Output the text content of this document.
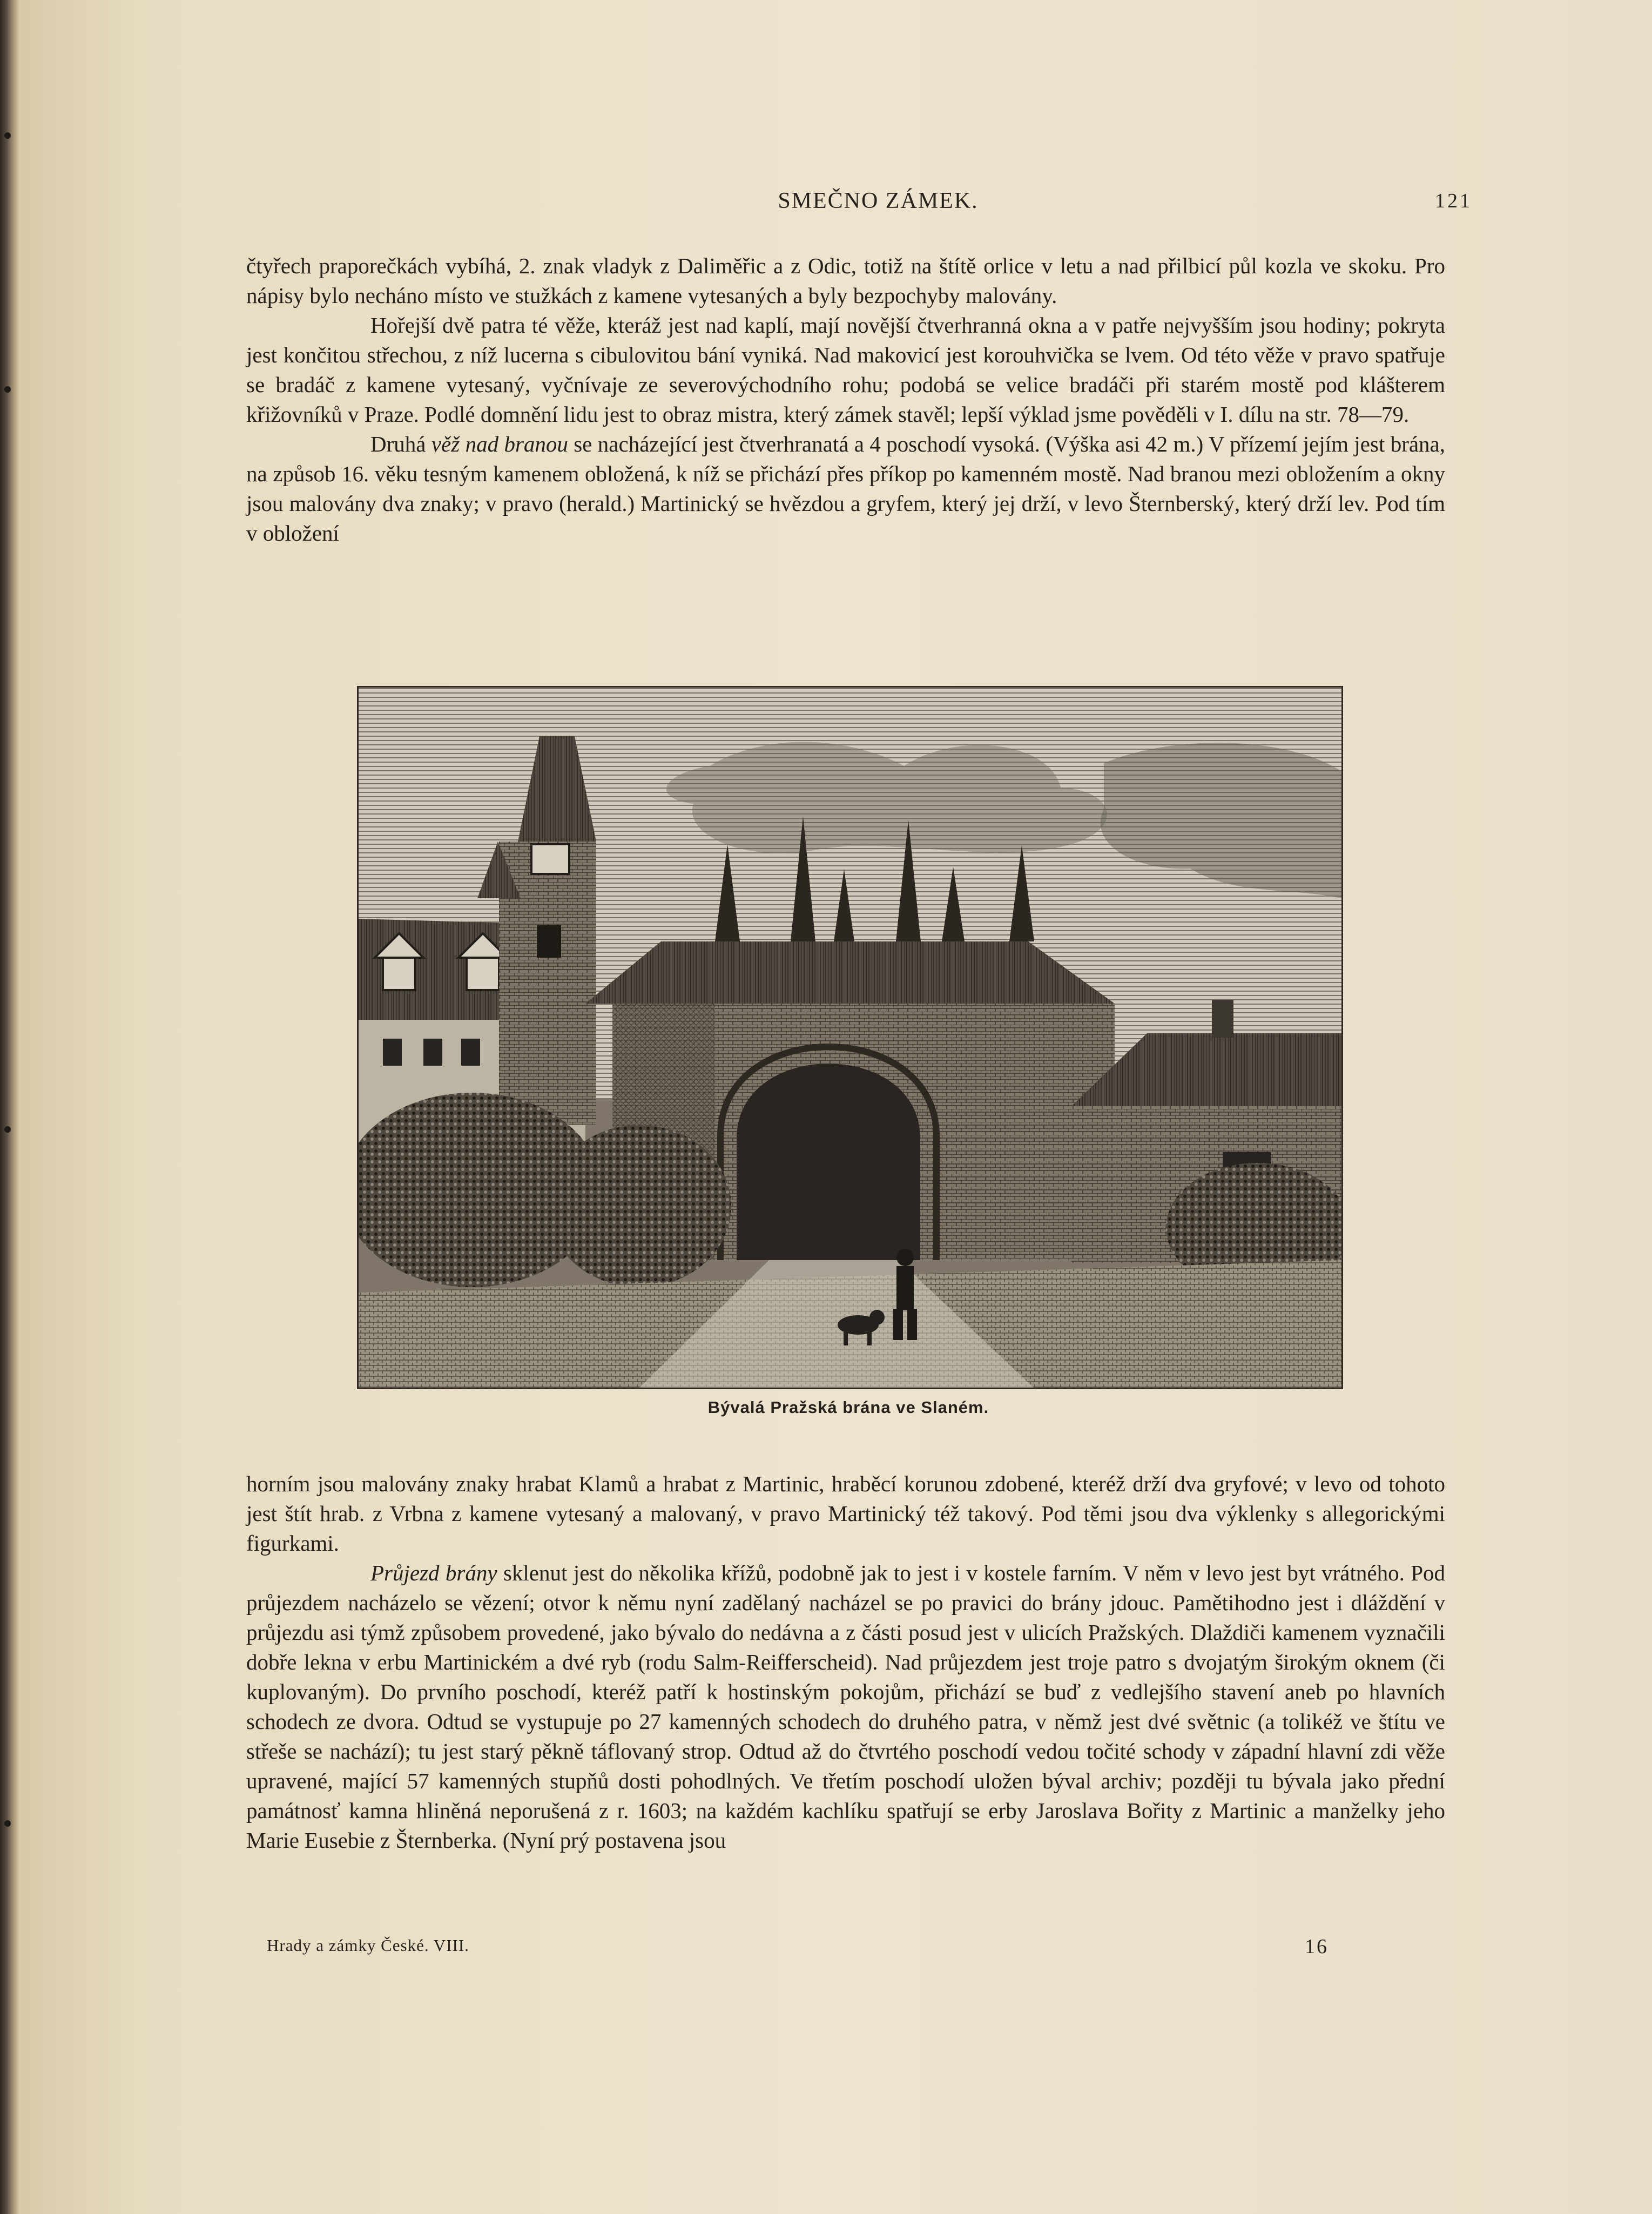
SMEČNO ZÁMEK.	121

čtyřech praporečkách vybíhá, 2. znak vladyk z Dalimĕřic a z Odic, totiž na štítě orlice v letu a nad přilbicí půl kozla ve skoku. Pro nápisy bylo necháno místo ve stužkách z kamene vytesaných a byly bezpochyby malovány.

Hořejší dvě patra té věže, kteráž jest nad kaplí, mají novější čtverhranná okna a v patře nejvyšším jsou hodiny; pokryta jest končitou střechou, z níž lucerna s cibulovitou bání vyniká. Nad makovicí jest korouhvička se lvem. Od této věže v pravo spatřuje se bradáč z kamene vytesaný, vyčnívaje ze severovýchodního rohu; podobá se velice bradáči při starém mostě pod klášterem křižovníků v Praze. Podlé domnění lidu jest to obraz mistra, který zámek stavěl; lepší výklad jsme pověděli v I. dílu na str. 78—79.

Druhá věž nad branou se nacházející jest čtverhranatá a 4 poschodí vysoká. (Výška asi 42 m.) V přízemí jejím jest brána, na způsob 16. věku tesným kamenem obložená, k níž se přichází přes příkop po kamenném mostě. Nad branou mezi obložením a okny jsou malovány dva znaky; v pravo (herald.) Martinický se hvězdou a gryfem, který jej drží, v levo Šternberský, který drží lev. Pod tím v obložení

Bývalá Pražská brána ve Slaném.

horním jsou malovány znaky hrabat Klamů a hrabat z Martinic, hraběcí korunou zdobené, kteréž drží dva gryfové; v levo od tohoto jest štít hrab. z Vrbna z kamene vytesaný a malovaný, v pravo Martinický též takový. Pod těmi jsou dva výklenky s allegorickými figurkami.

Průjezd brány sklenut jest do několika křížů, podobně jak to jest i v kostele farním. V něm v levo jest byt vrátného. Pod průjezdem nacházelo se vězení; otvor k němu nyní zadělaný nacházel se po pravici do brány jdouc. Pamětihodno jest i dláždění v průjezdu asi týmž způsobem provedené, jako bývalo do nedávna a z části posud jest v ulicích Pražských. Dlaždiči kamenem vyznačili dobře lekna v erbu Martinickém a dvé ryb (rodu Salm-Reifferscheid). Nad průjezdem jest troje patro s dvojatým širokým oknem (či kuplovaným). Do prvního poschodí, kteréž patří k hostinským pokojům, přichází se buď z vedlejšího stavení aneb po hlavních schodech ze dvora. Odtud se vystupuje po 27 kamenných schodech do druhého patra, v němž jest dvé světnic (a tolikéž ve štítu ve střeše se nachází); tu jest starý pěkně táflovaný strop. Odtud až do čtvrtého poschodí vedou točité schody v západní hlavní zdi věže upravené, mající 57 kamenných stupňů dosti pohodlných. Ve třetím poschodí uložen býval archiv; později tu bývala jako přední památnosť kamna hliněná neporušená z r. 1603; na každém kachlíku spatřují se erby Jaroslava Bořity z Martinic a manželky jeho Marie Eusebie z Šternberka. (Nyní prý postavena jsou

Hrady a zámky České. VIII.	16
